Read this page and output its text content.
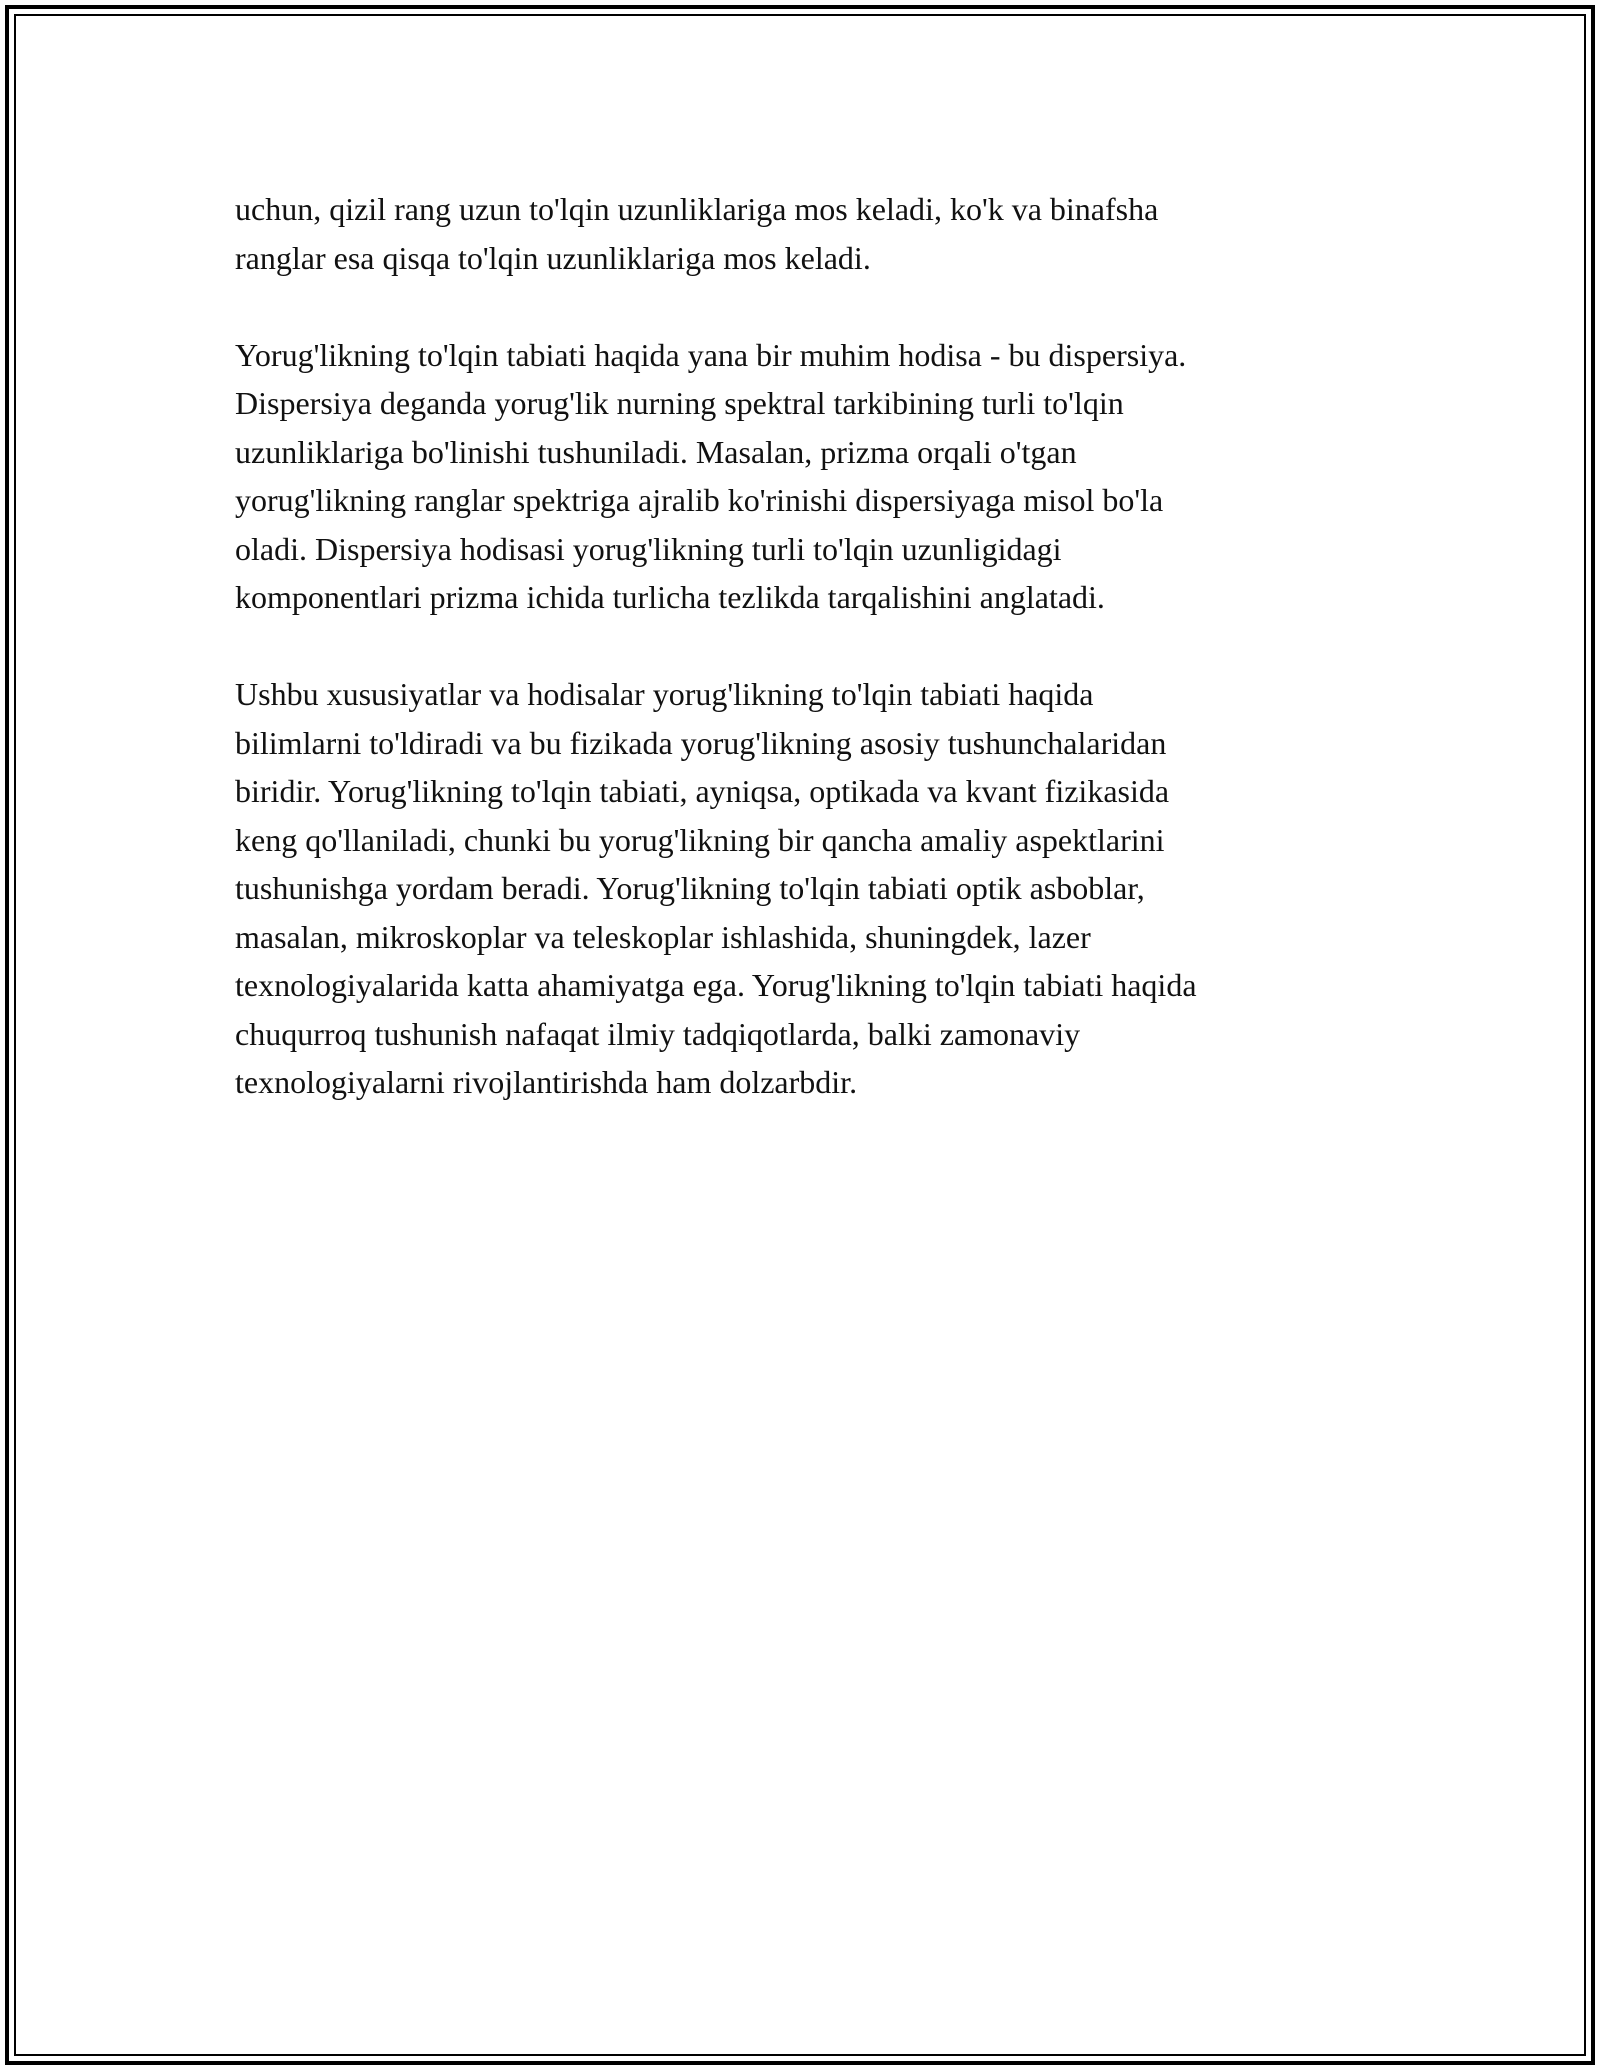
uchun, qizil rang uzun to'lqin uzunliklariga mos keladi, ko'k va binafsha
ranglar esa qisqa to'lqin uzunliklariga mos keladi.

Yorug'likning to'lqin tabiati haqida yana bir muhim hodisa - bu dispersiya.
Dispersiya deganda yorug'lik nurning spektral tarkibining turli to'lqin
uzunliklariga bo'linishi tushuniladi. Masalan, prizma orqali o'tgan
yorug'likning ranglar spektriga ajralib ko'rinishi dispersiyaga misol bo'la
oladi. Dispersiya hodisasi yorug'likning turli to'lqin uzunligidagi
komponentlari prizma ichida turlicha tezlikda tarqalishini anglatadi.

Ushbu xususiyatlar va hodisalar yorug'likning to'lqin tabiati haqida
bilimlarni to'ldiradi va bu fizikada yorug'likning asosiy tushunchalaridan
biridir. Yorug'likning to'lqin tabiati, ayniqsa, optikada va kvant fizikasida
keng qo'llaniladi, chunki bu yorug'likning bir qancha amaliy aspektlarini
tushunishga yordam beradi. Yorug'likning to'lqin tabiati optik asboblar,
masalan, mikroskoplar va teleskoplar ishlashida, shuningdek, lazer
texnologiyalarida katta ahamiyatga ega. Yorug'likning to'lqin tabiati haqida
chuqurroq tushunish nafaqat ilmiy tadqiqotlarda, balki zamonaviy
texnologiyalarni rivojlantirishda ham dolzarbdir.
